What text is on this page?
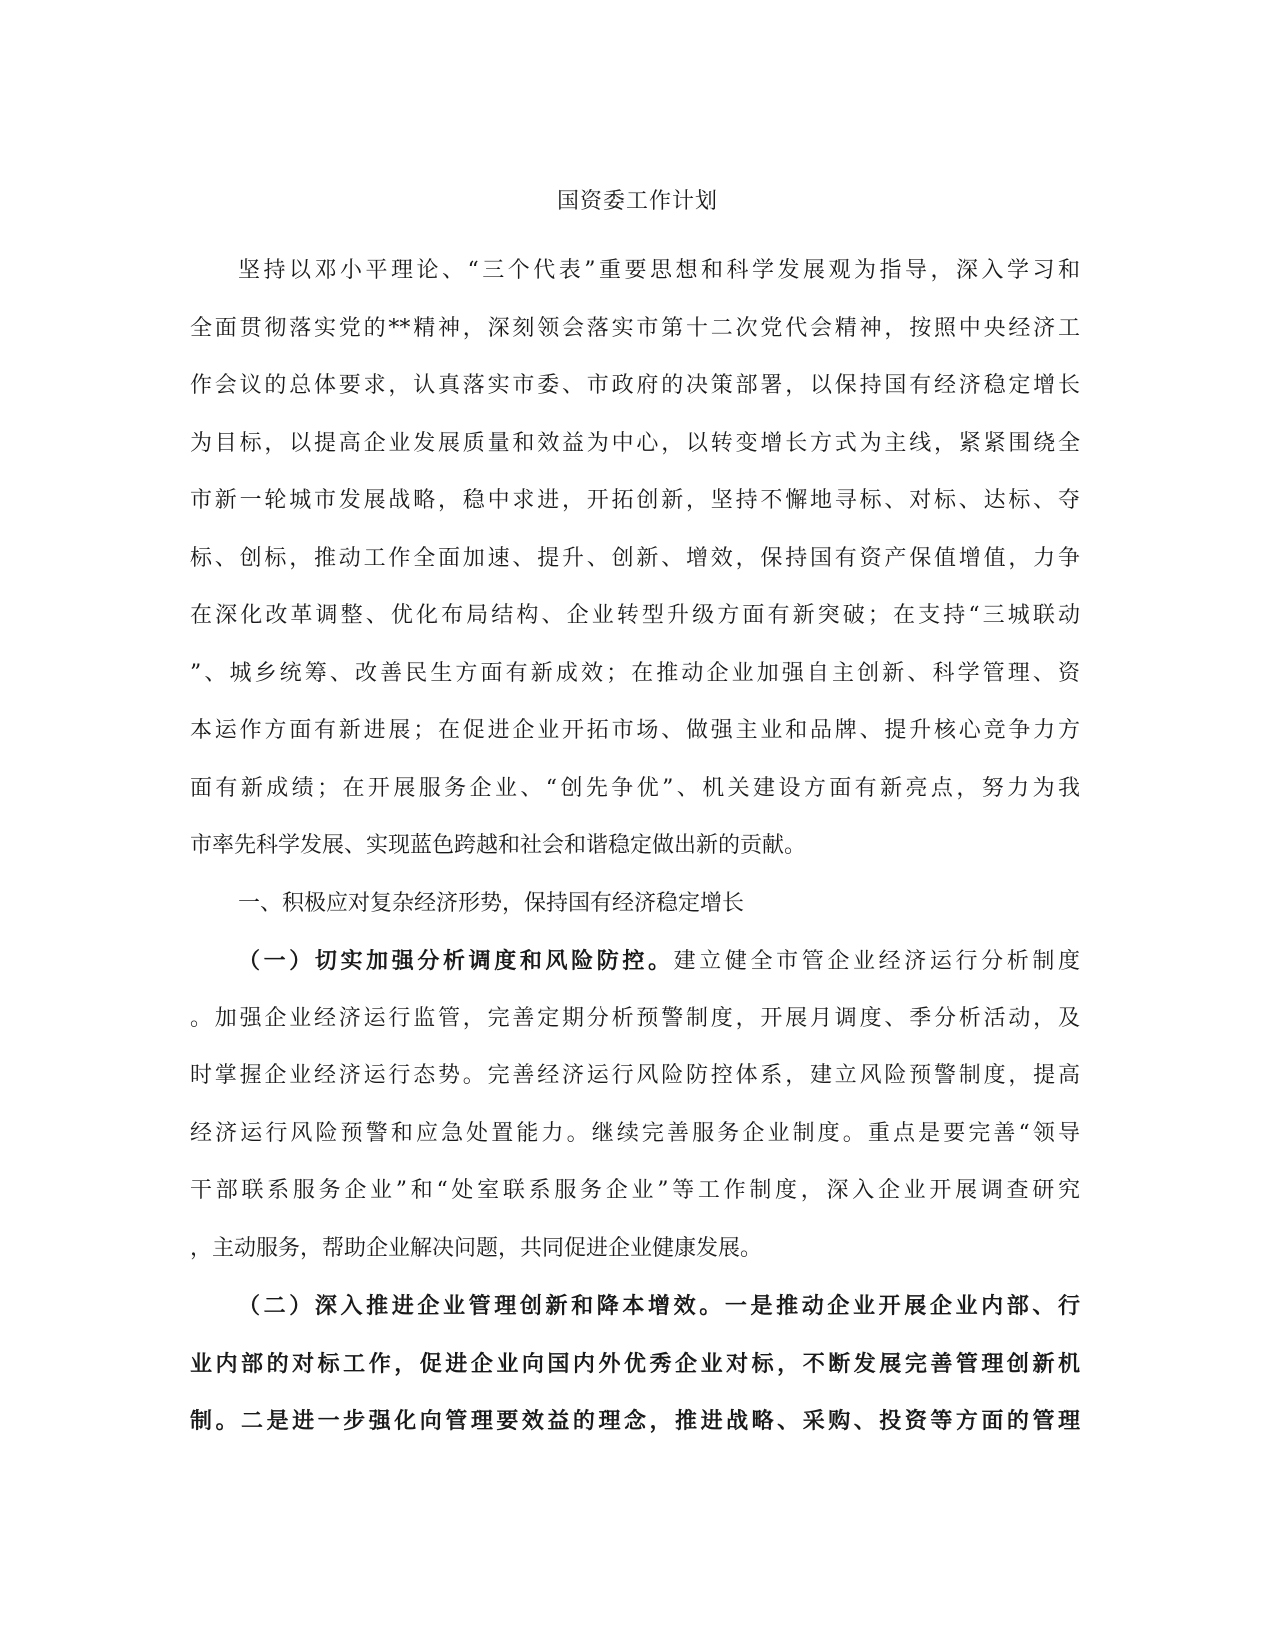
国资委工作计划
坚持以邓小平理论、“三个代表”重要思想和科学发展观为指导，深入学习和
全面贯彻落实党的**精神，深刻领会落实市第十二次党代会精神，按照中央经济工
作会议的总体要求，认真落实市委、市政府的决策部署，以保持国有经济稳定增长
为目标，以提高企业发展质量和效益为中心，以转变增长方式为主线，紧紧围绕全
市新一轮城市发展战略，稳中求进，开拓创新，坚持不懈地寻标、对标、达标、夺
标、创标，推动工作全面加速、提升、创新、增效，保持国有资产保值增值，力争
在深化改革调整、优化布局结构、企业转型升级方面有新突破；在支持“三城联动
”、城乡统筹、改善民生方面有新成效；在推动企业加强自主创新、科学管理、资
本运作方面有新进展；在促进企业开拓市场、做强主业和品牌、提升核心竞争力方
面有新成绩；在开展服务企业、“创先争优”、机关建设方面有新亮点，努力为我
市率先科学发展、实现蓝色跨越和社会和谐稳定做出新的贡献。
一、积极应对复杂经济形势，保持国有经济稳定增长
（一）切实加强分析调度和风险防控。建立健全市管企业经济运行分析制度
。加强企业经济运行监管，完善定期分析预警制度，开展月调度、季分析活动，及
时掌握企业经济运行态势。完善经济运行风险防控体系，建立风险预警制度，提高
经济运行风险预警和应急处置能力。继续完善服务企业制度。重点是要完善“领导
干部联系服务企业”和“处室联系服务企业”等工作制度，深入企业开展调查研究
，主动服务，帮助企业解决问题，共同促进企业健康发展。
（二）深入推进企业管理创新和降本增效。一是推动企业开展企业内部、行
业内部的对标工作，促进企业向国内外优秀企业对标，不断发展完善管理创新机
制。二是进一步强化向管理要效益的理念，推进战略、采购、投资等方面的管理
